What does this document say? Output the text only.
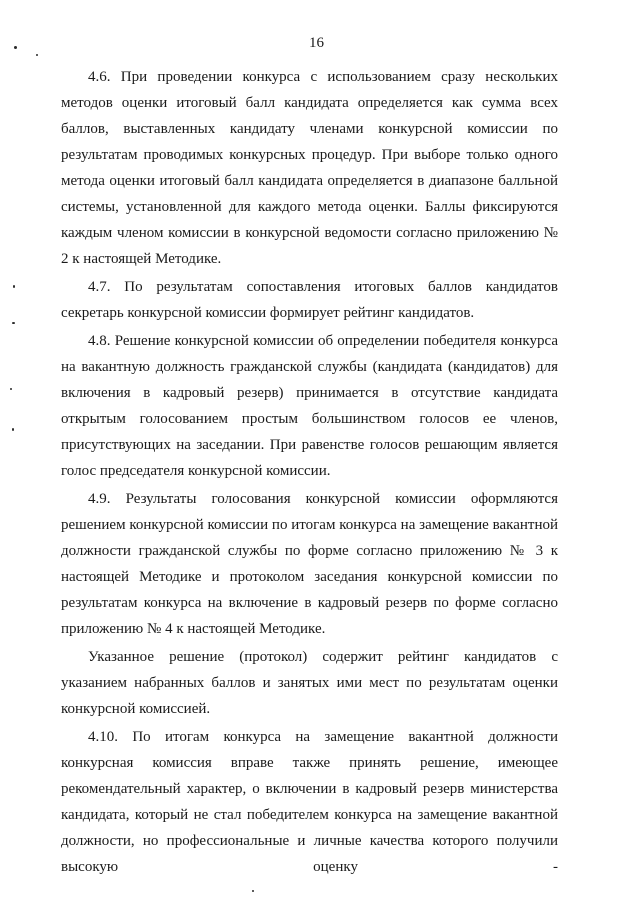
16

4.6. При проведении конкурса с использованием сразу нескольких методов оценки итоговый балл кандидата определяется как сумма всех баллов, выставленных кандидату членами конкурсной комиссии по результатам проводимых конкурсных процедур. При выборе только одного метода оценки итоговый балл кандидата определяется в диапазоне балльной системы, установленной для каждого метода оценки. Баллы фиксируются каждым членом комиссии в конкурсной ведомости согласно приложению № 2 к настоящей Методике.

4.7. По результатам сопоставления итоговых баллов кандидатов секретарь конкурсной комиссии формирует рейтинг кандидатов.

4.8. Решение конкурсной комиссии об определении победителя конкурса на вакантную должность гражданской службы (кандидата (кандидатов) для включения в кадровый резерв) принимается в отсутствие кандидата открытым голосованием простым большинством голосов ее членов, присутствующих на заседании. При равенстве голосов решающим является голос председателя конкурсной комиссии.

4.9. Результаты голосования конкурсной комиссии оформляются решением конкурсной комиссии по итогам конкурса на замещение вакантной должности гражданской службы по форме согласно приложению № 3 к настоящей Методике и протоколом заседания конкурсной комиссии по результатам конкурса на включение в кадровый резерв по форме согласно приложению № 4 к настоящей Методике.

Указанное решение (протокол) содержит рейтинг кандидатов с указанием набранных баллов и занятых ими мест по результатам оценки конкурсной комиссией.

4.10. По итогам конкурса на замещение вакантной должности конкурсная комиссия вправе также принять решение, имеющее рекомендательный характер, о включении в кадровый резерв министерства кандидата, который не стал победителем конкурса на замещение вакантной должности, но профессиональные и личные качества которого получили высокую оценку -
